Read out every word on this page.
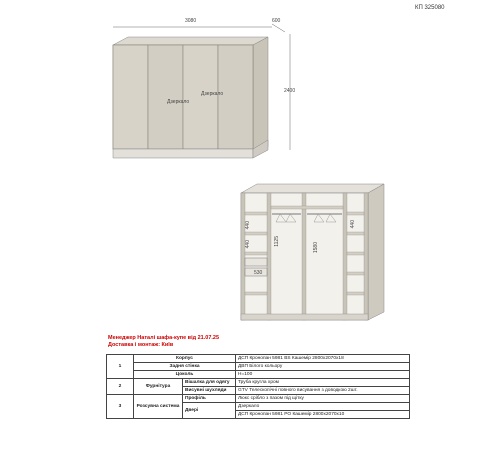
КП 325080
3080	600
2400
Дзеркало
Дзеркало
440
440	1125
1580
440
530
Менеджер Наталі шафа-купе від 21.07.25
Доставка і монтаж: Київ
1	Корпус		ДСП Кронопан 5981 BS Кашемір 2800х2070х18
	Задня стінка		ДВП Білого кольору
	Цоколь		H=100
2	Фурнітура	Вішалка для одягу	Труба кругла хром
		Висувні шухляди	GTV Телескопічні повного висування з доводкою 2шт.
3	Розсувна система	Профіль	Люкс срібло з пазом під щітку
		Двері	Дзеркало
			ДСП Кронопан 5981 PO Кашемір 2800х2070х10
